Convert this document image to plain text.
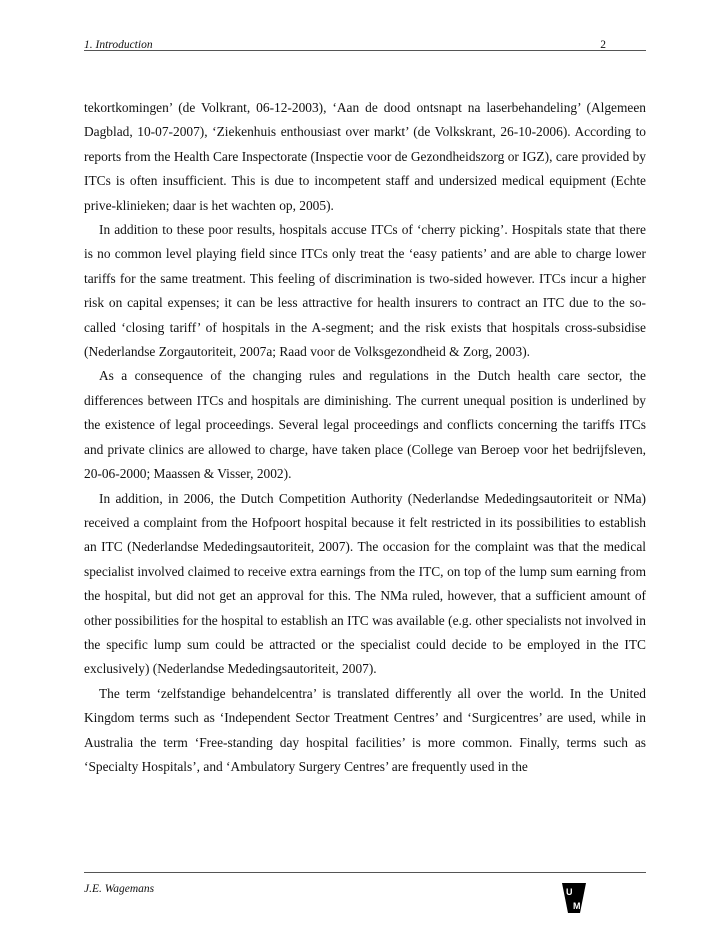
1. Introduction	2

tekortkomingen’ (de Volkrant, 06-12-2003), ‘Aan de dood ontsnapt na laserbehandeling’ (Algemeen Dagblad, 10-07-2007), ‘Ziekenhuis enthousiast over markt’ (de Volkskrant, 26-10-2006). According to reports from the Health Care Inspectorate (Inspectie voor de Gezondheidszorg or IGZ), care provided by ITCs is often insufficient. This is due to incompetent staff and undersized medical equipment (Echte prive-klinieken; daar is het wachten op, 2005).

In addition to these poor results, hospitals accuse ITCs of ‘cherry picking’. Hospitals state that there is no common level playing field since ITCs only treat the ‘easy patients’ and are able to charge lower tariffs for the same treatment. This feeling of discrimination is two-sided however. ITCs incur a higher risk on capital expenses; it can be less attractive for health insurers to contract an ITC due to the so-called ‘closing tariff’ of hospitals in the A-segment; and the risk exists that hospitals cross-subsidise (Nederlandse Zorgautoriteit, 2007a; Raad voor de Volksgezondheid & Zorg, 2003).

As a consequence of the changing rules and regulations in the Dutch health care sector, the differences between ITCs and hospitals are diminishing. The current unequal position is underlined by the existence of legal proceedings. Several legal proceedings and conflicts concerning the tariffs ITCs and private clinics are allowed to charge, have taken place (College van Beroep voor het bedrijfsleven, 20-06-2000; Maassen & Visser, 2002).

In addition, in 2006, the Dutch Competition Authority (Nederlandse Mededingsautoriteit or NMa) received a complaint from the Hofpoort hospital because it felt restricted in its possibilities to establish an ITC (Nederlandse Mededingsautoriteit, 2007). The occasion for the complaint was that the medical specialist involved claimed to receive extra earnings from the ITC, on top of the lump sum earning from the hospital, but did not get an approval for this. The NMa ruled, however, that a sufficient amount of other possibilities for the hospital to establish an ITC was available (e.g. other specialists not involved in the specific lump sum could be attracted or the specialist could decide to be employed in the ITC exclusively) (Nederlandse Mededingsautoriteit, 2007).

The term ‘zelfstandige behandelcentra’ is translated differently all over the world. In the United Kingdom terms such as ‘Independent Sector Treatment Centres’ and ‘Surgicentres’ are used, while in Australia the term ‘Free-standing day hospital facilities’ is more common. Finally, terms such as ‘Specialty Hospitals’, and ‘Ambulatory Surgery Centres’ are frequently used in the

J.E. Wagemans	U
M
